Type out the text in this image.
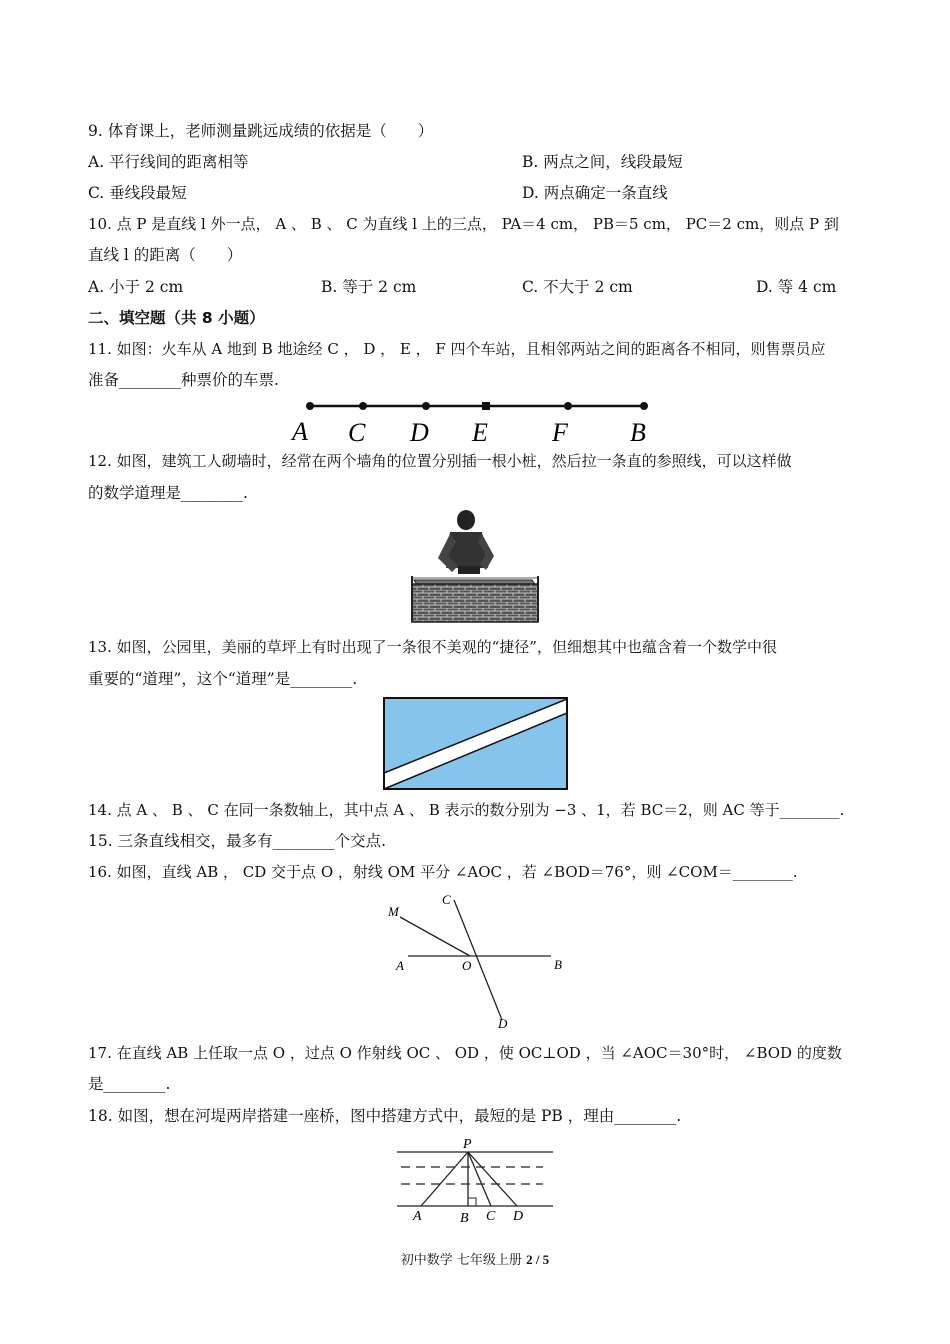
9. 体育课上，老师测量跳远成绩的依据是（　　）
A. 平行线间的距离相等	B. 两点之间，线段最短
C. 垂线段最短	D. 两点确定一条直线
10. 点 P 是直线 l 外一点， A 、 B 、 C 为直线 l 上的三点， PA＝4 cm， PB＝5 cm， PC＝2 cm，则点 P 到
直线 l 的距离（　　）
A. 小于 2 cm	B. 等于 2 cm	C. 不大于 2 cm	D. 等 4 cm
二、填空题（共 8 小题）
11. 如图：火车从 A 地到 B 地途经 C ， D ， E ， F 四个车站，且相邻两站之间的距离各不相同，则售票员应
准备________种票价的车票.
A C D E F B
12. 如图，建筑工人砌墙时，经常在两个墙角的位置分别插一根小桩，然后拉一条直的参照线，可以这样做
的数学道理是________.
13. 如图，公园里，美丽的草坪上有时出现了一条很不美观的“捷径”，但细想其中也蕴含着一个数学中很
重要的“道理”，这个“道理”是________.
14. 点 A 、 B 、 C 在同一条数轴上，其中点 A 、 B 表示的数分别为 −3 、1，若 BC＝2，则 AC 等于________.
15. 三条直线相交，最多有________个交点.
16. 如图，直线 AB ， CD 交于点 O ，射线 OM 平分 ∠AOC ，若 ∠BOD＝76°，则 ∠COM＝________.
M
C
A	O	B
D
17. 在直线 AB 上任取一点 O ，过点 O 作射线 OC 、 OD ，使 OC⊥OD ，当 ∠AOC＝30°时， ∠BOD 的度数
是________.
18. 如图，想在河堤两岸搭建一座桥，图中搭建方式中，最短的是 PB ，理由________.
P
A	B C D
初中数学 七年级上册 2 / 5
